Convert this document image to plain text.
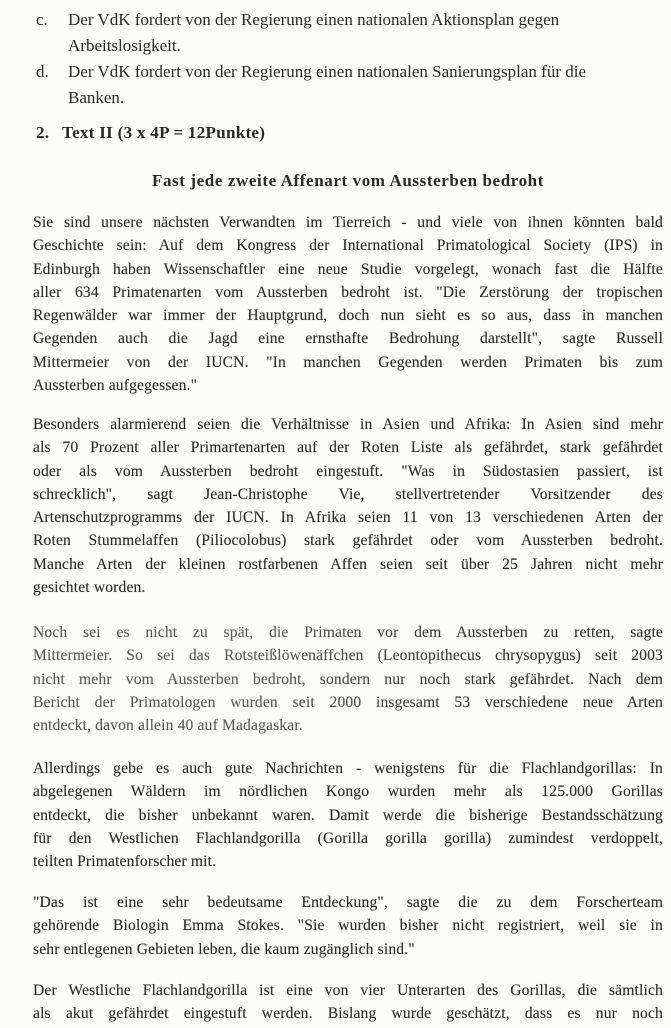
c.	Der VdK fordert von der Regierung einen nationalen Aktionsplan gegen
Arbeitslosigkeit.
d.	Der VdK fordert von der Regierung einen nationalen Sanierungsplan für die
Banken.
2. Text II (3 x 4P = 12Punkte)
Fast jede zweite Affenart vom Aussterben bedroht
Sie sind unsere nächsten Verwandten im Tierreich - und viele von ihnen könnten bald
Geschichte sein: Auf dem Kongress der International Primatological Society (IPS) in
Edinburgh haben Wissenschaftler eine neue Studie vorgelegt, wonach fast die Hälfte
aller 634 Primatenarten vom Aussterben bedroht ist. "Die Zerstörung der tropischen
Regenwälder war immer der Hauptgrund, doch nun sieht es so aus, dass in manchen
Gegenden auch die Jagd eine ernsthafte Bedrohung darstellt", sagte Russell
Mittermeier von der IUCN. "In manchen Gegenden werden Primaten bis zum
Aussterben aufgegessen."
Besonders alarmierend seien die Verhältnisse in Asien und Afrika: In Asien sind mehr
als 70 Prozent aller Primartenarten auf der Roten Liste als gefährdet, stark gefährdet
oder als vom Aussterben bedroht eingestuft. "Was in Südostasien passiert, ist
schrecklich", sagt Jean-Christophe Vie, stellvertretender Vorsitzender des
Artenschutzprogramms der IUCN. In Afrika seien 11 von 13 verschiedenen Arten der
Roten Stummelaffen (Piliocolobus) stark gefährdet oder vom Aussterben bedroht.
Manche Arten der kleinen rostfarbenen Affen seien seit über 25 Jahren nicht mehr
gesichtet worden.
Noch sei es nicht zu spät, die Primaten vor dem Aussterben zu retten, sagte
Mittermeier. So sei das Rotsteißlöwenäffchen (Leontopithecus chrysopygus) seit 2003
nicht mehr vom Aussterben bedroht, sondern nur noch stark gefährdet. Nach dem
Bericht der Primatologen wurden seit 2000 insgesamt 53 verschiedene neue Arten
entdeckt, davon allein 40 auf Madagaskar.
Allerdings gebe es auch gute Nachrichten - wenigstens für die Flachlandgorillas: In
abgelegenen Wäldern im nördlichen Kongo wurden mehr als 125.000 Gorillas
entdeckt, die bisher unbekannt waren. Damit werde die bisherige Bestandsschätzung
für den Westlichen Flachlandgorilla (Gorilla gorilla gorilla) zumindest verdoppelt,
teilten Primatenforscher mit.
"Das ist eine sehr bedeutsame Entdeckung", sagte die zu dem Forscherteam
gehörende Biologin Emma Stokes. "Sie wurden bisher nicht registriert, weil sie in
sehr entlegenen Gebieten leben, die kaum zugänglich sind."
Der Westliche Flachlandgorilla ist eine von vier Unterarten des Gorillas, die sämtlich
als akut gefährdet eingestuft werden. Bislang wurde geschätzt, dass es nur noch
